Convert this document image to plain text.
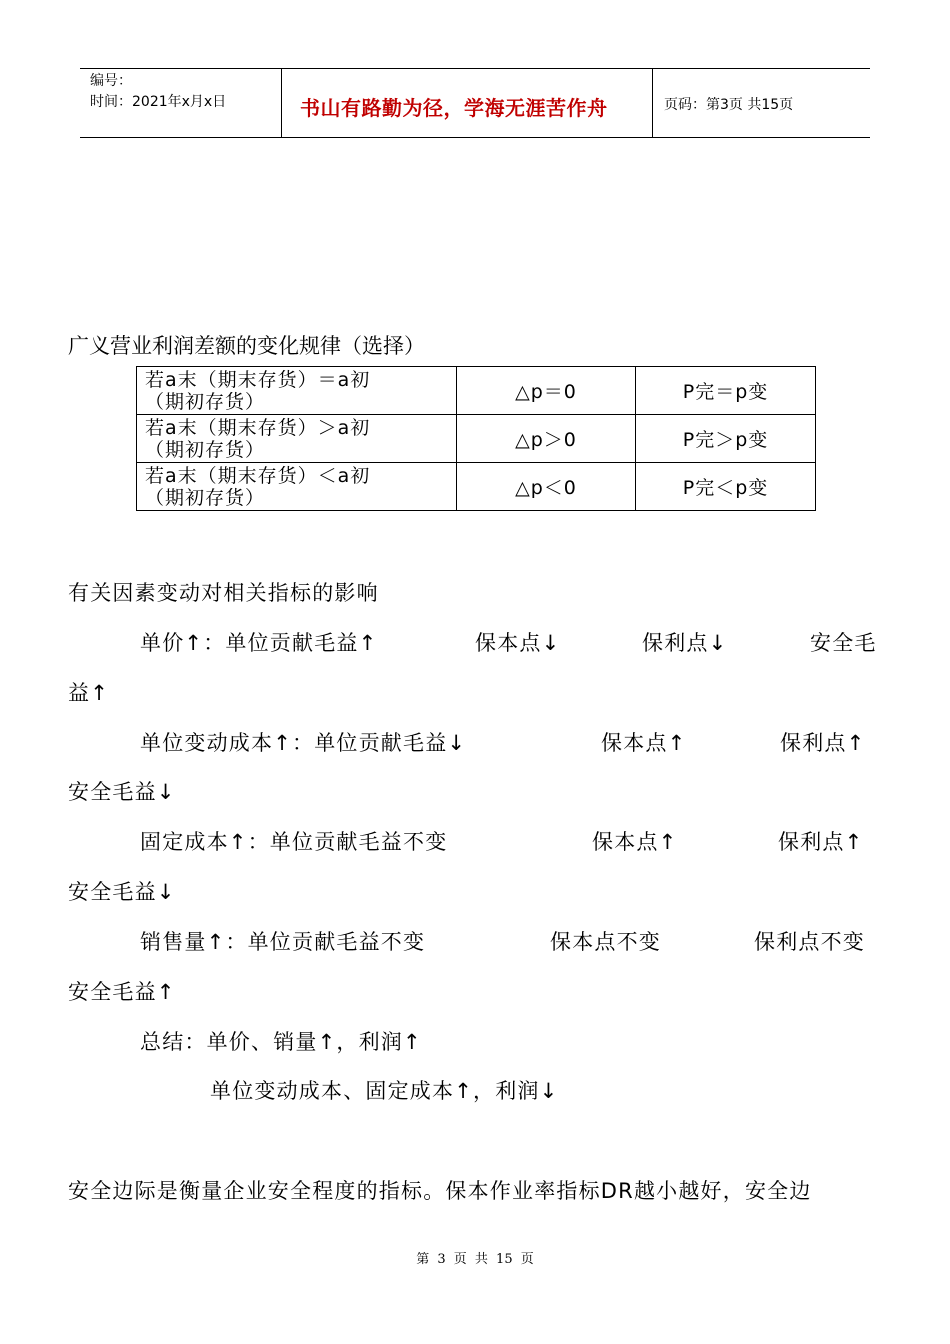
编号：
时间：2021年x月x日	书山有路勤为径，学海无涯苦作舟	页码：第3页 共15页
广义营业利润差额的变化规律（选择）
若a末（期末存货）＝a初
（期初存货）	△p＝0	P完＝p变

若a末（期末存货）＞a初
（期初存货）	△p＞0	P完＞p变

若a末（期末存货）＜a初
（期初存货）	△p＜0	P完＜p变
有关因素变动对相关指标的影响
单价↑：单位贡献毛益↑	保本点↓	保利点↓	安全毛
益↑
单位变动成本↑：单位贡献毛益↓	保本点↑	保利点↑
安全毛益↓
固定成本↑：单位贡献毛益不变	保本点↑	保利点↑
安全毛益↓
销售量↑：单位贡献毛益不变	保本点不变	保利点不变
安全毛益↑
总结：单价、销量↑，利润↑
单位变动成本、固定成本↑，利润↓
安全边际是衡量企业安全程度的指标。保本作业率指标DR越小越好，安全边
第 3 页 共 15 页
